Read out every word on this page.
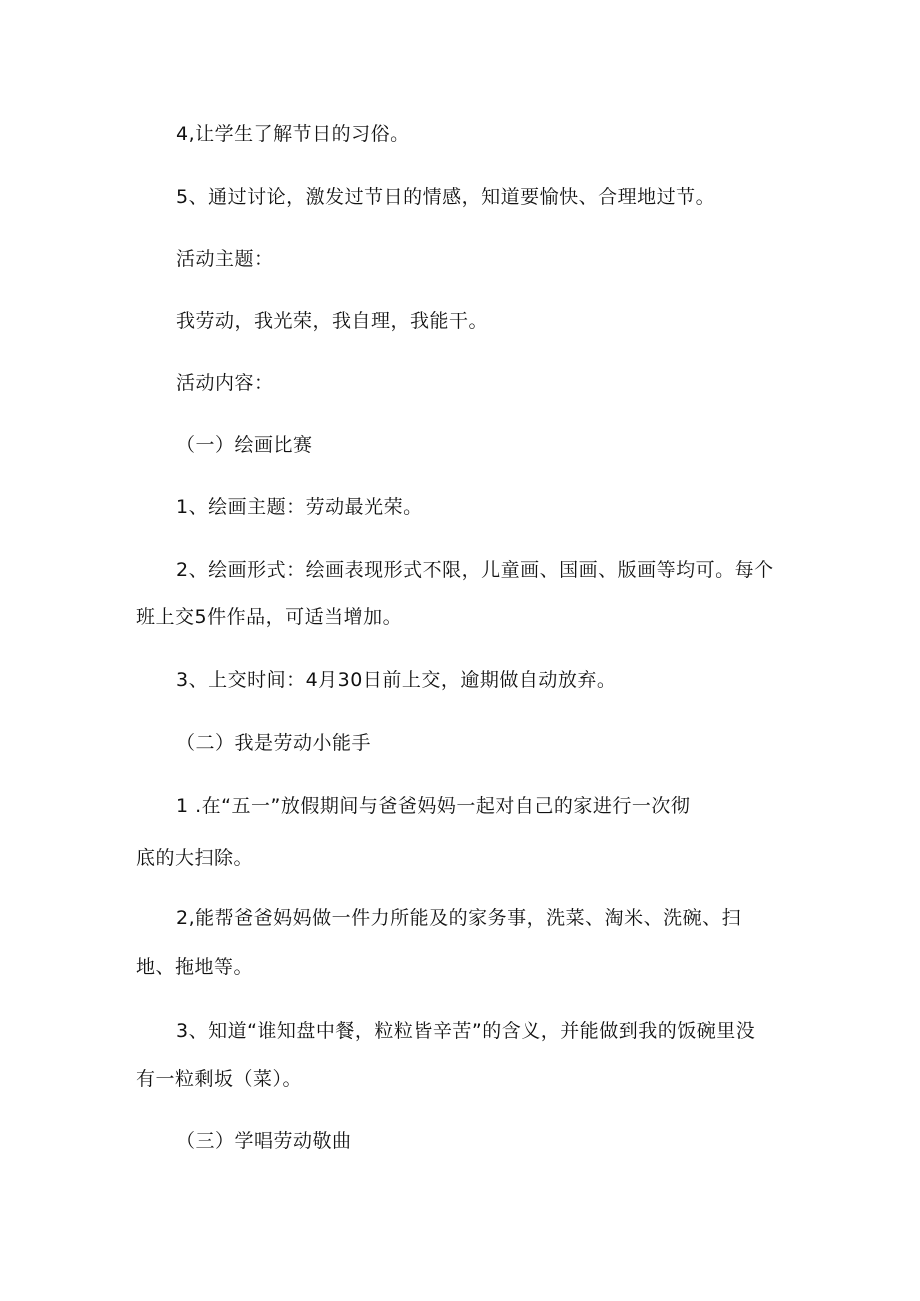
4,让学生了解节日的习俗。
5、通过讨论，激发过节日的情感，知道要愉快、合理地过节。
活动主题：
我劳动，我光荣，我自理，我能干。
活动内容：
（一）绘画比赛
1、绘画主题：劳动最光荣。
2、绘画形式：绘画表现形式不限，儿童画、国画、版画等均可。每个
班上交5件作品，可适当增加。
3、上交时间：4月30日前上交，逾期做自动放弃。
（二）我是劳动小能手
1 .在“五一”放假期间与爸爸妈妈一起对自己的家进行一次彻
底的大扫除。
2,能帮爸爸妈妈做一件力所能及的家务事，洗菜、淘米、洗碗、扫
地、拖地等。
3、知道“谁知盘中餐，粒粒皆辛苦”的含义，并能做到我的饭碗里没
有一粒剩坂（菜）。
（三）学唱劳动敬曲
